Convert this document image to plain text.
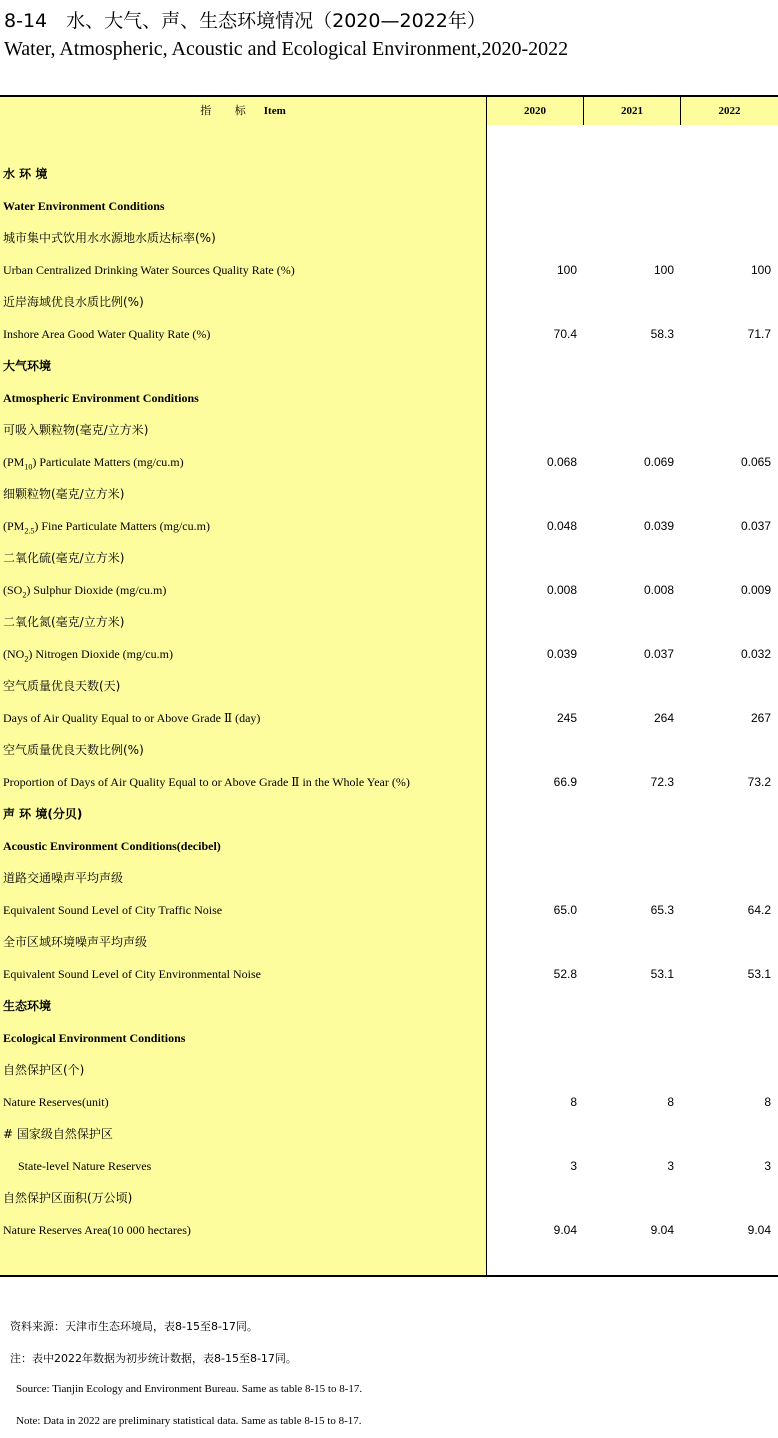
8-14　水、大气、声、生态环境情况（2020—2022年）
Water, Atmospheric, Acoustic and Ecological Environment,2020-2022
指 标 Item	2020	2021	2022
水 环 境
Water Environment Conditions
城市集中式饮用水水源地水质达标率(%)
Urban Centralized Drinking Water Sources Quality Rate (%)	100	100	100
近岸海域优良水质比例(%)
Inshore Area Good Water Quality Rate (%)	70.4	58.3	71.7
大气环境
Atmospheric Environment Conditions
可吸入颗粒物(毫克/立方米)
$(PM_{10})$ Particulate Matters (mg/cu.m)	0.068	0.069	0.065
细颗粒物(毫克/立方米)
$(PM_{2.5})$ Fine Particulate Matters (mg/cu.m)	0.048	0.039	0.037
二氧化硫(毫克/立方米)
$(SO_2)$ Sulphur Dioxide (mg/cu.m)	0.008	0.008	0.009
二氧化氮(毫克/立方米)
$(NO_2)$ Nitrogen Dioxide (mg/cu.m)	0.039	0.037	0.032
空气质量优良天数(天)
Days of Air Quality Equal to or Above Grade Ⅱ (day)	245	264	267
空气质量优良天数比例(%)
Proportion of Days of Air Quality Equal to or Above Grade Ⅱ in the Whole Year (%)	66.9	72.3	73.2
声 环 境(分贝)
Acoustic Environment Conditions(decibel)
道路交通噪声平均声级
Equivalent Sound Level of City Traffic Noise	65.0	65.3	64.2
全市区域环境噪声平均声级
Equivalent Sound Level of City Environmental Noise	52.8	53.1	53.1
生态环境
Ecological Environment Conditions
自然保护区(个)
Nature Reserves(unit)	8	8	8
# 国家级自然保护区
State-level Nature Reserves	3	3	3
自然保护区面积(万公顷)
Nature Reserves Area(10 000 hectares)	9.04	9.04	9.04
资料来源：天津市生态环境局，表8-15至8-17同。
注：表中2022年数据为初步统计数据，表8-15至8-17同。
Source: Tianjin Ecology and Environment Bureau. Same as table 8-15 to 8-17.
Note: Data in 2022 are preliminary statistical data. Same as table 8-15 to 8-17.
